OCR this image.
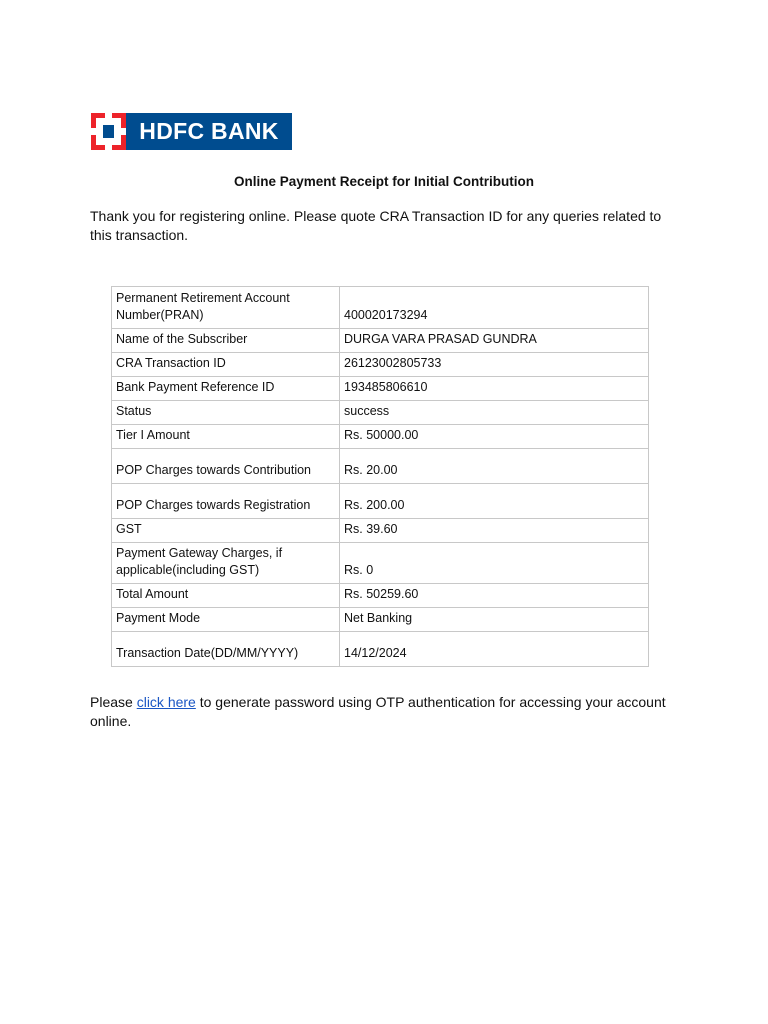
HDFC BANK
Online Payment Receipt for Initial Contribution
Thank you for registering online. Please quote CRA Transaction ID for any queries related to this transaction.
Permanent Retirement Account Number(PRAN)	400020173294
Name of the Subscriber	DURGA VARA PRASAD GUNDRA
CRA Transaction ID	26123002805733
Bank Payment Reference ID	193485806610
Status	success
Tier I Amount	Rs. 50000.00
POP Charges towards Contribution	Rs. 20.00
POP Charges towards Registration	Rs. 200.00
GST	Rs. 39.60
Payment Gateway Charges, if applicable(including GST)	Rs. 0
Total Amount	Rs. 50259.60
Payment Mode	Net Banking
Transaction Date(DD/MM/YYYY)	14/12/2024
Please click here to generate password using OTP authentication for accessing your account online.
